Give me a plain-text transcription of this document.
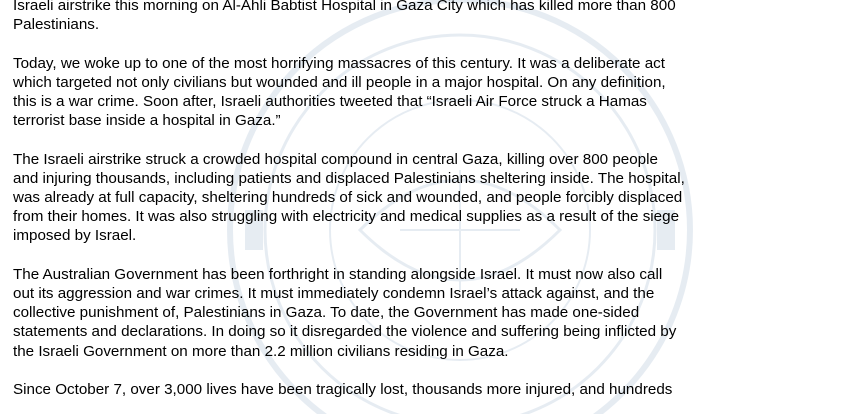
Israeli airstrike this morning on Al-Ahli Babtist Hospital in Gaza City which has killed more than 800
Palestinians.

Today, we woke up to one of the most horrifying massacres of this century. It was a deliberate act
which targeted not only civilians but wounded and ill people in a major hospital. On any definition,
this is a war crime. Soon after, Israeli authorities tweeted that “Israeli Air Force struck a Hamas
terrorist base inside a hospital in Gaza.”

The Israeli airstrike struck a crowded hospital compound in central Gaza, killing over 800 people
and injuring thousands, including patients and displaced Palestinians sheltering inside. The hospital,
was already at full capacity, sheltering hundreds of sick and wounded, and people forcibly displaced
from their homes. It was also struggling with electricity and medical supplies as a result of the siege
imposed by Israel.

The Australian Government has been forthright in standing alongside Israel. It must now also call
out its aggression and war crimes. It must immediately condemn Israel’s attack against, and the
collective punishment of, Palestinians in Gaza. To date, the Government has made one-sided
statements and declarations. In doing so it disregarded the violence and suffering being inflicted by
the Israeli Government on more than 2.2 million civilians residing in Gaza.

Since October 7, over 3,000 lives have been tragically lost, thousands more injured, and hundreds
